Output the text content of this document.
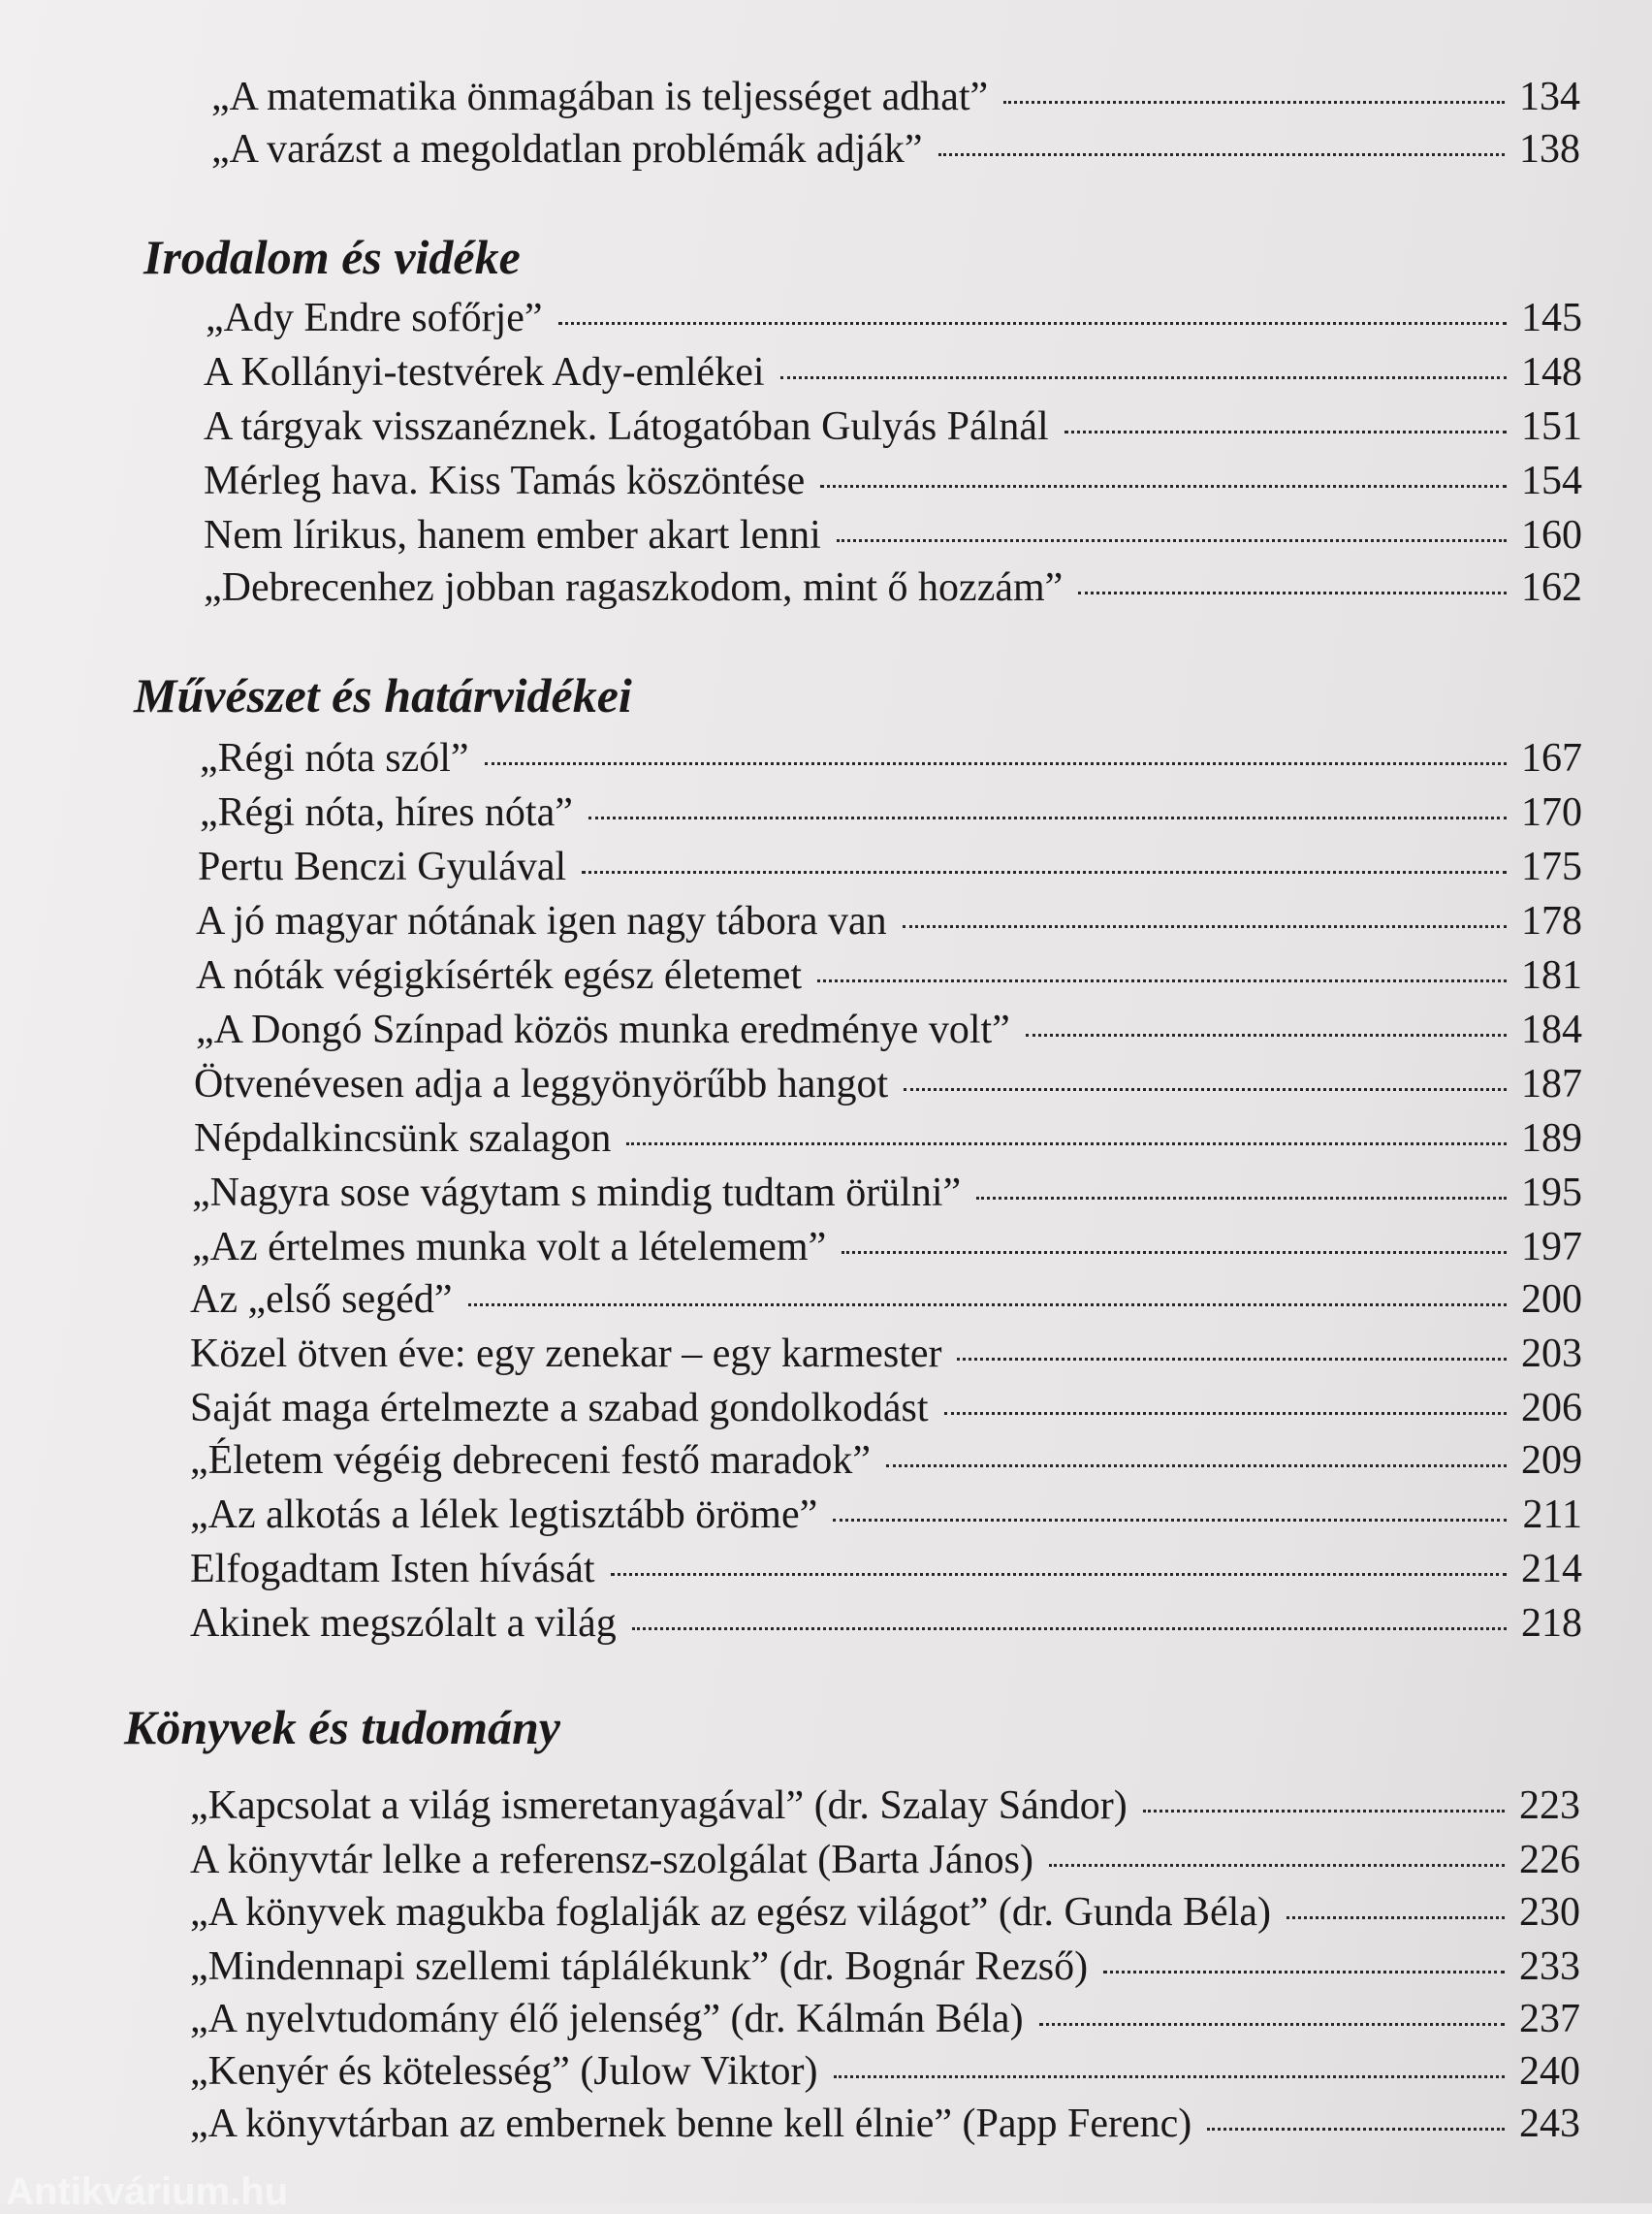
„A matematika önmagában is teljességet adhat”	134
„A varázst a megoldatlan problémák adják”	138
Irodalom és vidéke
„Ady Endre sofőrje”	145
A Kollányi-testvérek Ady-emlékei	148
A tárgyak visszanéznek. Látogatóban Gulyás Pálnál	151
Mérleg hava. Kiss Tamás köszöntése	154
Nem lírikus, hanem ember akart lenni	160
„Debrecenhez jobban ragaszkodom, mint ő hozzám”	162
Művészet és határvidékei
„Régi nóta szól”	167
„Régi nóta, híres nóta”	170
Pertu Benczi Gyulával	175
A jó magyar nótának igen nagy tábora van	178
A nóták végigkísérték egész életemet	181
„A Dongó Színpad közös munka eredménye volt”	184
Ötvenévesen adja a leggyönyörűbb hangot	187
Népdalkincsünk szalagon	189
„Nagyra sose vágytam s mindig tudtam örülni”	195
„Az értelmes munka volt a lételemem”	197
Az „első segéd”	200
Közel ötven éve: egy zenekar – egy karmester	203
Saját maga értelmezte a szabad gondolkodást	206
„Életem végéig debreceni festő maradok”	209
„Az alkotás a lélek legtisztább öröme”	211
Elfogadtam Isten hívását	214
Akinek megszólalt a világ	218
Könyvek és tudomány
„Kapcsolat a világ ismeretanyagával” (dr. Szalay Sándor)	223
A könyvtár lelke a referensz-szolgálat (Barta János)	226
„A könyvek magukba foglalják az egész világot” (dr. Gunda Béla)	230
„Mindennapi szellemi táplálékunk” (dr. Bognár Rezső)	233
„A nyelvtudomány élő jelenség” (dr. Kálmán Béla)	237
„Kenyér és kötelesség” (Julow Viktor)	240
„A könyvtárban az embernek benne kell élnie” (Papp Ferenc)	243
Antikvárium.hu
